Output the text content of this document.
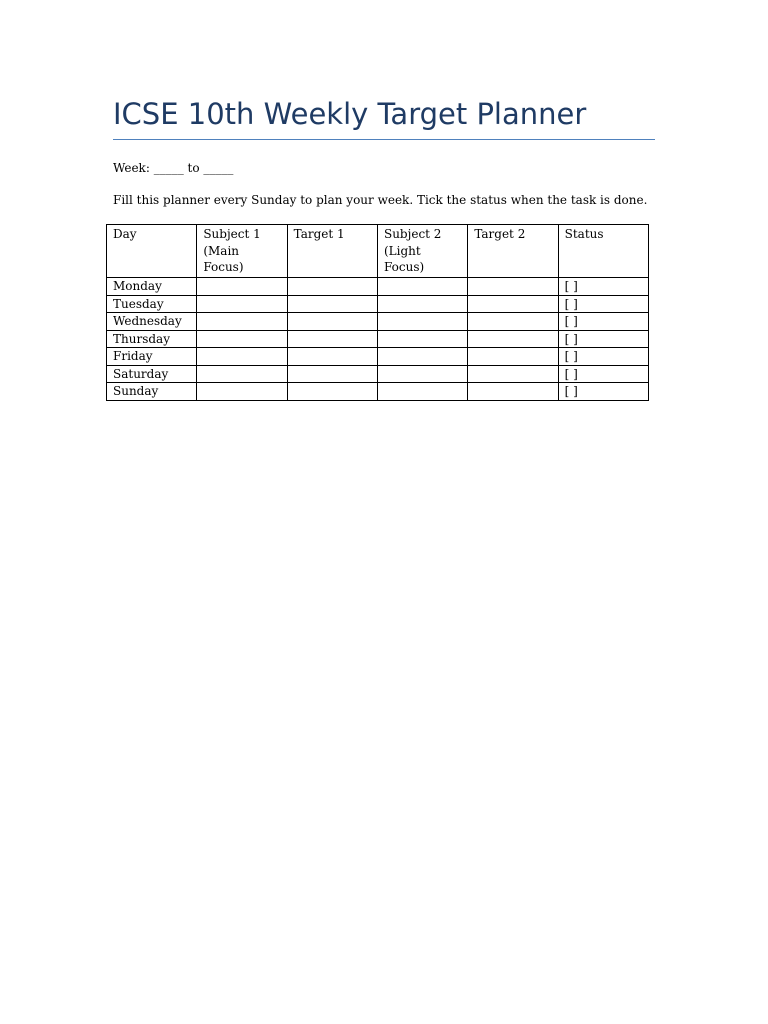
ICSE 10th Weekly Target Planner

Week: _____ to _____

Fill this planner every Sunday to plan your week. Tick the status when the task is done.

Day	Subject 1 (Main Focus)	Target 1	Subject 2 (Light Focus)	Target 2	Status
Monday					[ ]
Tuesday					[ ]
Wednesday					[ ]
Thursday					[ ]
Friday					[ ]
Saturday					[ ]
Sunday					[ ]
